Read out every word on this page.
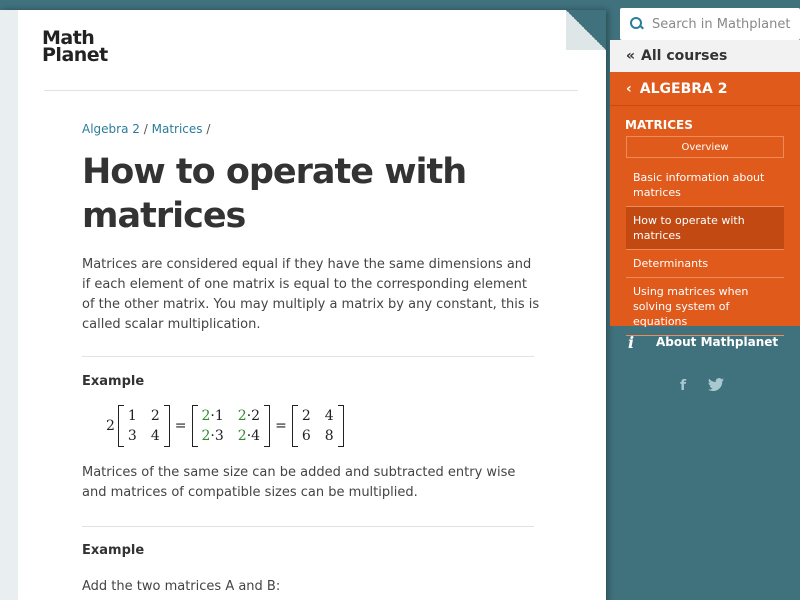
Math
Planet
Algebra 2 / Matrices /
How to operate with matrices

Matrices are considered equal if they have the same dimensions and if each element of one matrix is equal to the corresponding element of the other matrix. You may multiply a matrix by any constant, this is called scalar multiplication.

Example
2
1 2
3 4
=
2·1 2·2
2·3 2·4
=
2 4
6 8

Matrices of the same size can be added and subtracted entry wise and matrices of compatible sizes can be multiplied.

Example

Add the two matrices A and B:

Search in Mathplanet
« All courses
‹ ALGEBRA 2
MATRICES
Overview
Basic information about matrices
How to operate with matrices
Determinants
Using matrices when solving system of equations
i	About Mathplanet
f
